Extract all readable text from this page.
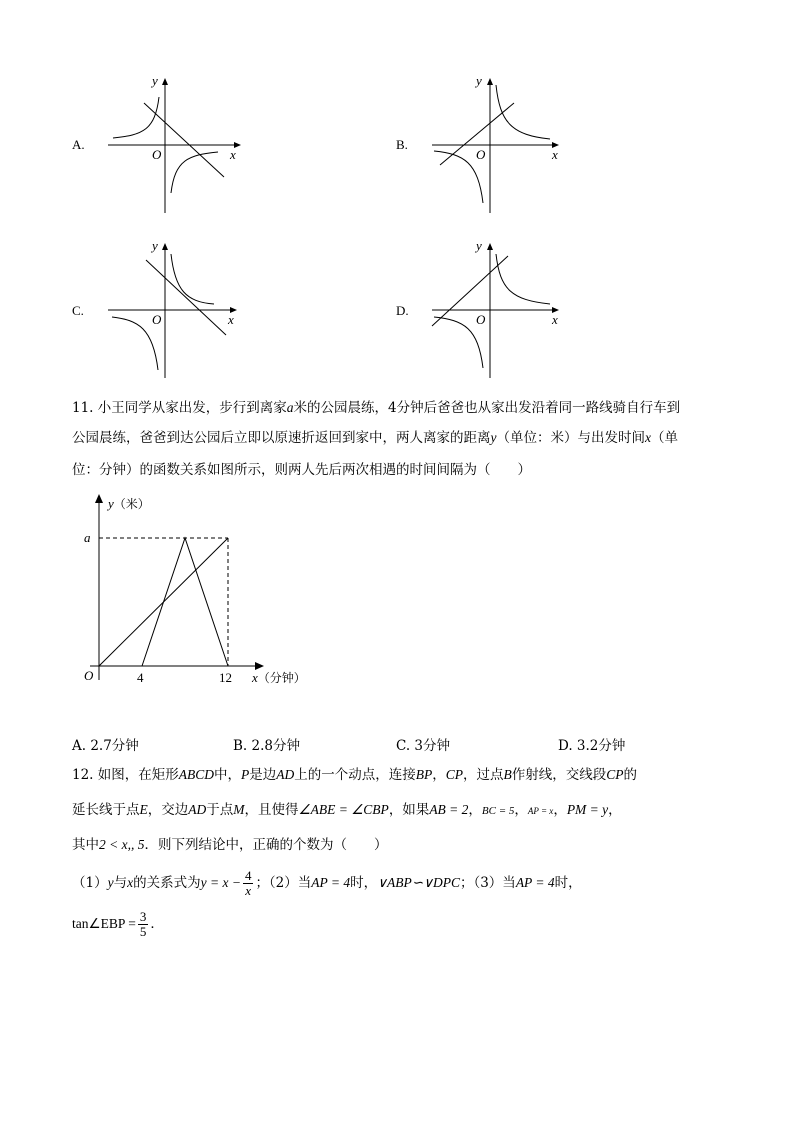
A.
y
x
O
B.
y
x
O
C.
y
x
O
D.
y
x
O
11. 小王同学从家出发，步行到离家a米的公园晨练，4分钟后爸爸也从家出发沿着同一路线骑自行车到
公园晨练，爸爸到达公园后立即以原速折返回到家中，两人离家的距离y（单位：米）与出发时间x（单
位：分钟）的函数关系如图所示，则两人先后两次相遇的时间间隔为（　　）
y（米）
x（分钟）
O
a
4	12
A. 2.7分钟	B. 2.8分钟	C. 3分钟	D. 3.2分钟
12. 如图，在矩形ABCD中，P是边AD上的一个动点，连接BP，CP，过点B作射线，交线段CP的
延长线于点E，交边AD于点M，且使得∠ABE = ∠CBP，如果AB = 2，BC = 5，AP = x，PM = y，
其中2 < x,, 5．则下列结论中，正确的个数为（　　）
（1）y与x的关系式为$y = x - \frac{4}{x}$ ；（2）当AP = 4时，∨ABP∽∨DPC；（3）当AP = 4时，
tan∠EBP = $\frac{3}{5}$ ．
